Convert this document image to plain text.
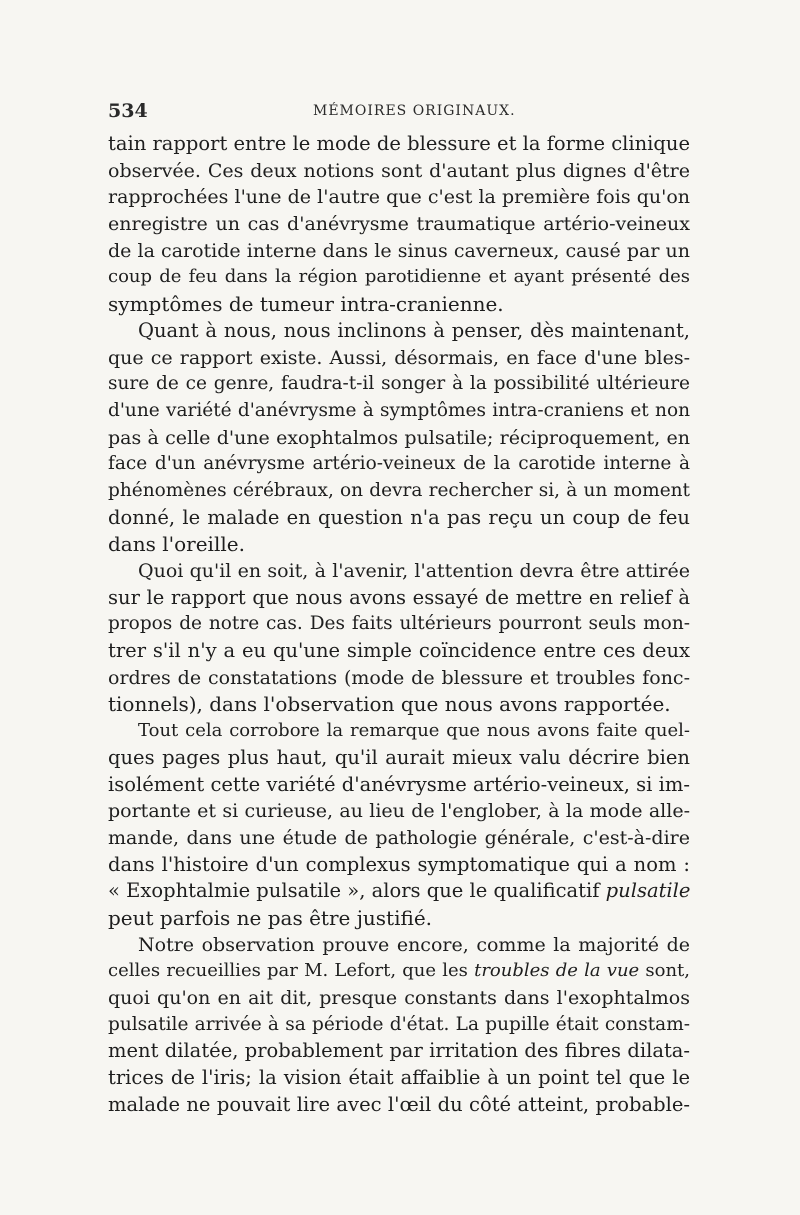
534	MÉMOIRES ORIGINAUX.
tain rapport entre le mode de blessure et la forme clinique
observée. Ces deux notions sont d'autant plus dignes d'être
rapprochées l'une de l'autre que c'est la première fois qu'on
enregistre un cas d'anévrysme traumatique artério-veineux
de la carotide interne dans le sinus caverneux, causé par un
coup de feu dans la région parotidienne et ayant présenté des
symptômes de tumeur intra-cranienne.
Quant à nous, nous inclinons à penser, dès maintenant,
que ce rapport existe. Aussi, désormais, en face d'une bles-
sure de ce genre, faudra-t-il songer à la possibilité ultérieure
d'une variété d'anévrysme à symptômes intra-craniens et non
pas à celle d'une exophtalmos pulsatile; réciproquement, en
face d'un anévrysme artério-veineux de la carotide interne à
phénomènes cérébraux, on devra rechercher si, à un moment
donné, le malade en question n'a pas reçu un coup de feu
dans l'oreille.
Quoi qu'il en soit, à l'avenir, l'attention devra être attirée
sur le rapport que nous avons essayé de mettre en relief à
propos de notre cas. Des faits ultérieurs pourront seuls mon-
trer s'il n'y a eu qu'une simple coïncidence entre ces deux
ordres de constatations (mode de blessure et troubles fonc-
tionnels), dans l'observation que nous avons rapportée.
Tout cela corrobore la remarque que nous avons faite quel-
ques pages plus haut, qu'il aurait mieux valu décrire bien
isolément cette variété d'anévrysme artério-veineux, si im-
portante et si curieuse, au lieu de l'englober, à la mode alle-
mande, dans une étude de pathologie générale, c'est-à-dire
dans l'histoire d'un complexus symptomatique qui a nom :
« Exophtalmie pulsatile », alors que le qualificatif pulsatile
peut parfois ne pas être justifié.
Notre observation prouve encore, comme la majorité de
celles recueillies par M. Lefort, que les troubles de la vue sont,
quoi qu'on en ait dit, presque constants dans l'exophtalmos
pulsatile arrivée à sa période d'état. La pupille était constam-
ment dilatée, probablement par irritation des fibres dilata-
trices de l'iris; la vision était affaiblie à un point tel que le
malade ne pouvait lire avec l'œil du côté atteint, probable-
